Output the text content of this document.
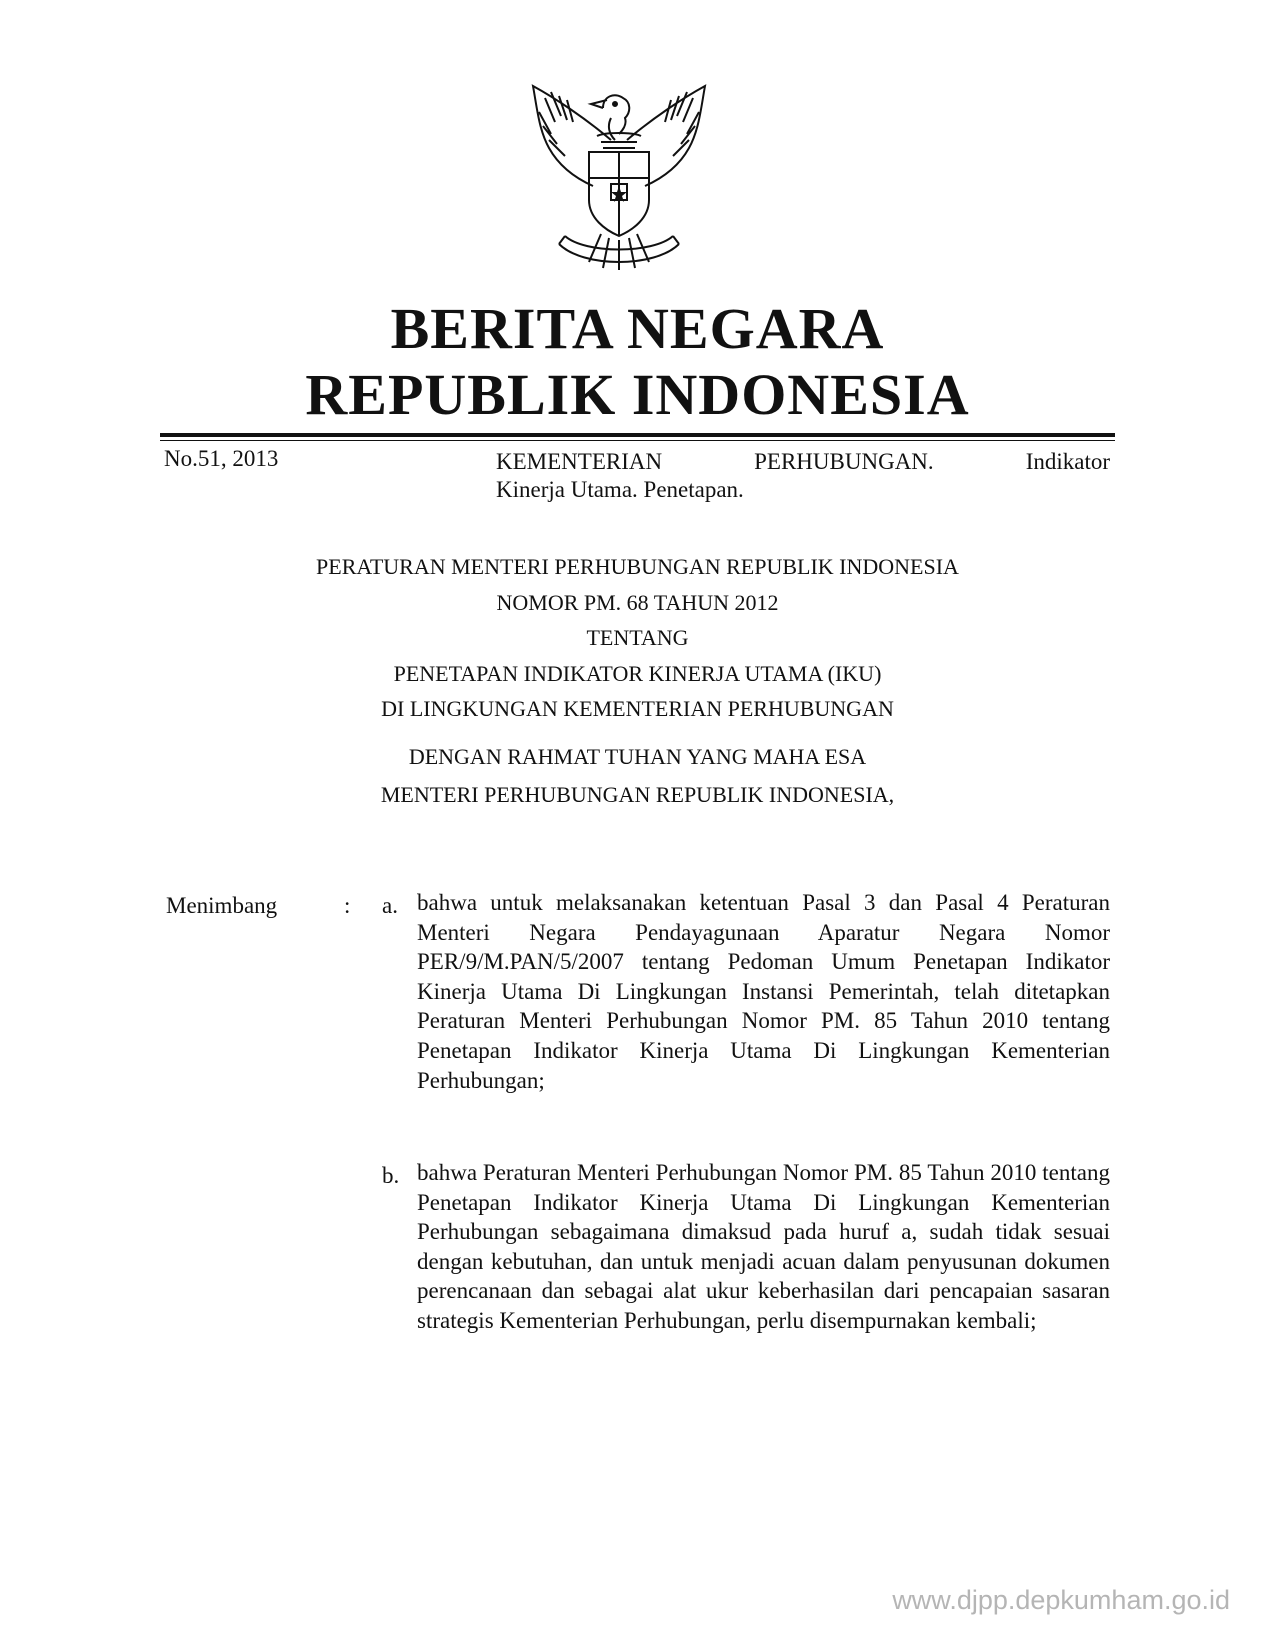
BERITA NEGARA
REPUBLIK INDONESIA
No.51, 2013	KEMENTERIAN PERHUBUNGAN. Indikator
Kinerja Utama. Penetapan.
PERATURAN MENTERI PERHUBUNGAN REPUBLIK INDONESIA
NOMOR PM. 68 TAHUN 2012
TENTANG
PENETAPAN INDIKATOR KINERJA UTAMA (IKU)
DI LINGKUNGAN KEMENTERIAN PERHUBUNGAN
DENGAN RAHMAT TUHAN YANG MAHA ESA
MENTERI PERHUBUNGAN REPUBLIK INDONESIA,
Menimbang	: a. bahwa untuk melaksanakan ketentuan Pasal 3 dan Pasal 4 Peraturan Menteri Negara Pendayagunaan Aparatur Negara Nomor PER/9/M.PAN/5/2007 tentang Pedoman Umum Penetapan Indikator Kinerja Utama Di Lingkungan Instansi Pemerintah, telah ditetapkan Peraturan Menteri Perhubungan Nomor PM. 85 Tahun 2010 tentang Penetapan Indikator Kinerja Utama Di Lingkungan Kementerian Perhubungan;

b. bahwa Peraturan Menteri Perhubungan Nomor PM. 85 Tahun 2010 tentang Penetapan Indikator Kinerja Utama Di Lingkungan Kementerian Perhubungan sebagaimana dimaksud pada huruf a, sudah tidak sesuai dengan kebutuhan, dan untuk menjadi acuan dalam penyusunan dokumen perencanaan dan sebagai alat ukur keberhasilan dari pencapaian sasaran strategis Kementerian Perhubungan, perlu disempurnakan kembali;

www.djpp.depkumham.go.id
